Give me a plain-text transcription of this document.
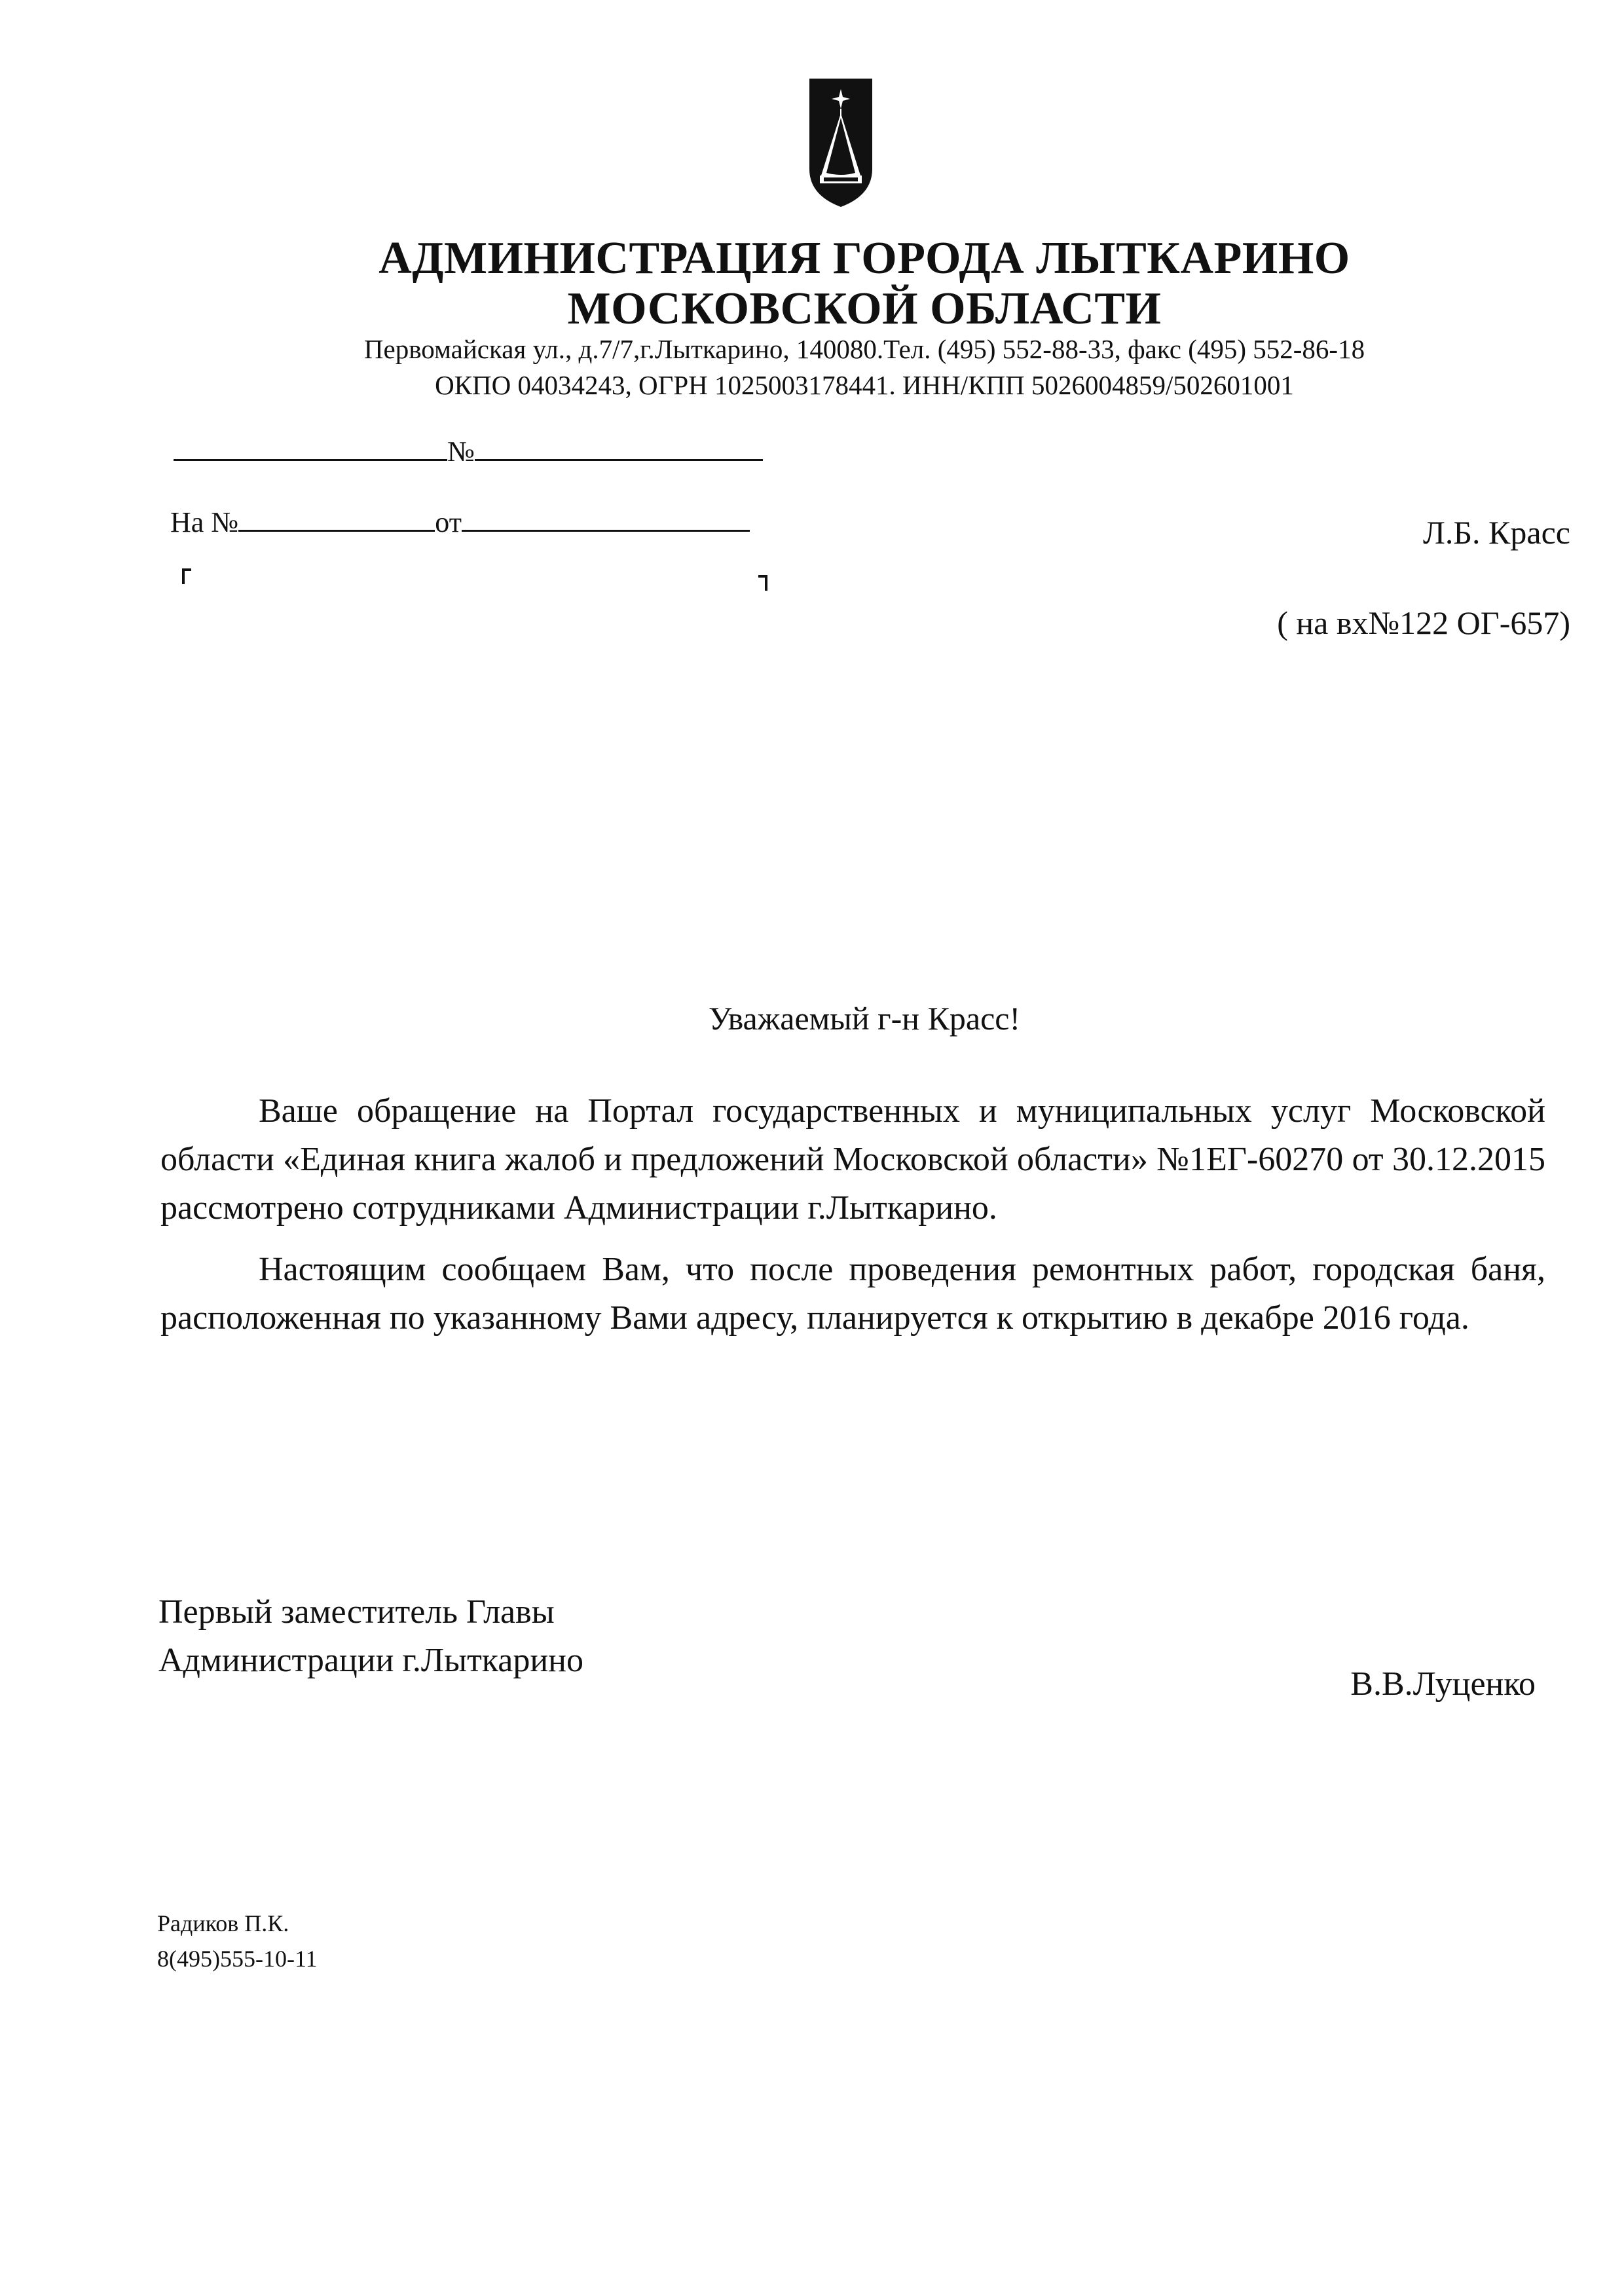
АДМИНИСТРАЦИЯ ГОРОДА ЛЫТКАРИНО
МОСКОВСКОЙ ОБЛАСТИ
Первомайская ул., д.7/7,г.Лыткарино, 140080.Тел. (495) 552-88-33, факс (495) 552-86-18
ОКПО 04034243, ОГРН 1025003178441. ИНН/КПП 5026004859/502601001
№
На №	от	Л.Б. Красс
( на вх№122 ОГ-657)
Уважаемый г-н Красс!

Ваше обращение на Портал государственных и муниципальных услуг Московской области «Единая книга жалоб и предложений Московской области» №1ЕГ-60270 от 30.12.2015 рассмотрено сотрудниками Администрации г.Лыткарино.

Настоящим сообщаем Вам, что после проведения ремонтных работ, городская баня, расположенная по указанному Вами адресу, планируется к открытию в декабре 2016 года.

Первый заместитель Главы
Администрации г.Лыткарино
В.В.Луценко
Радиков П.К.
8(495)555-10-11
